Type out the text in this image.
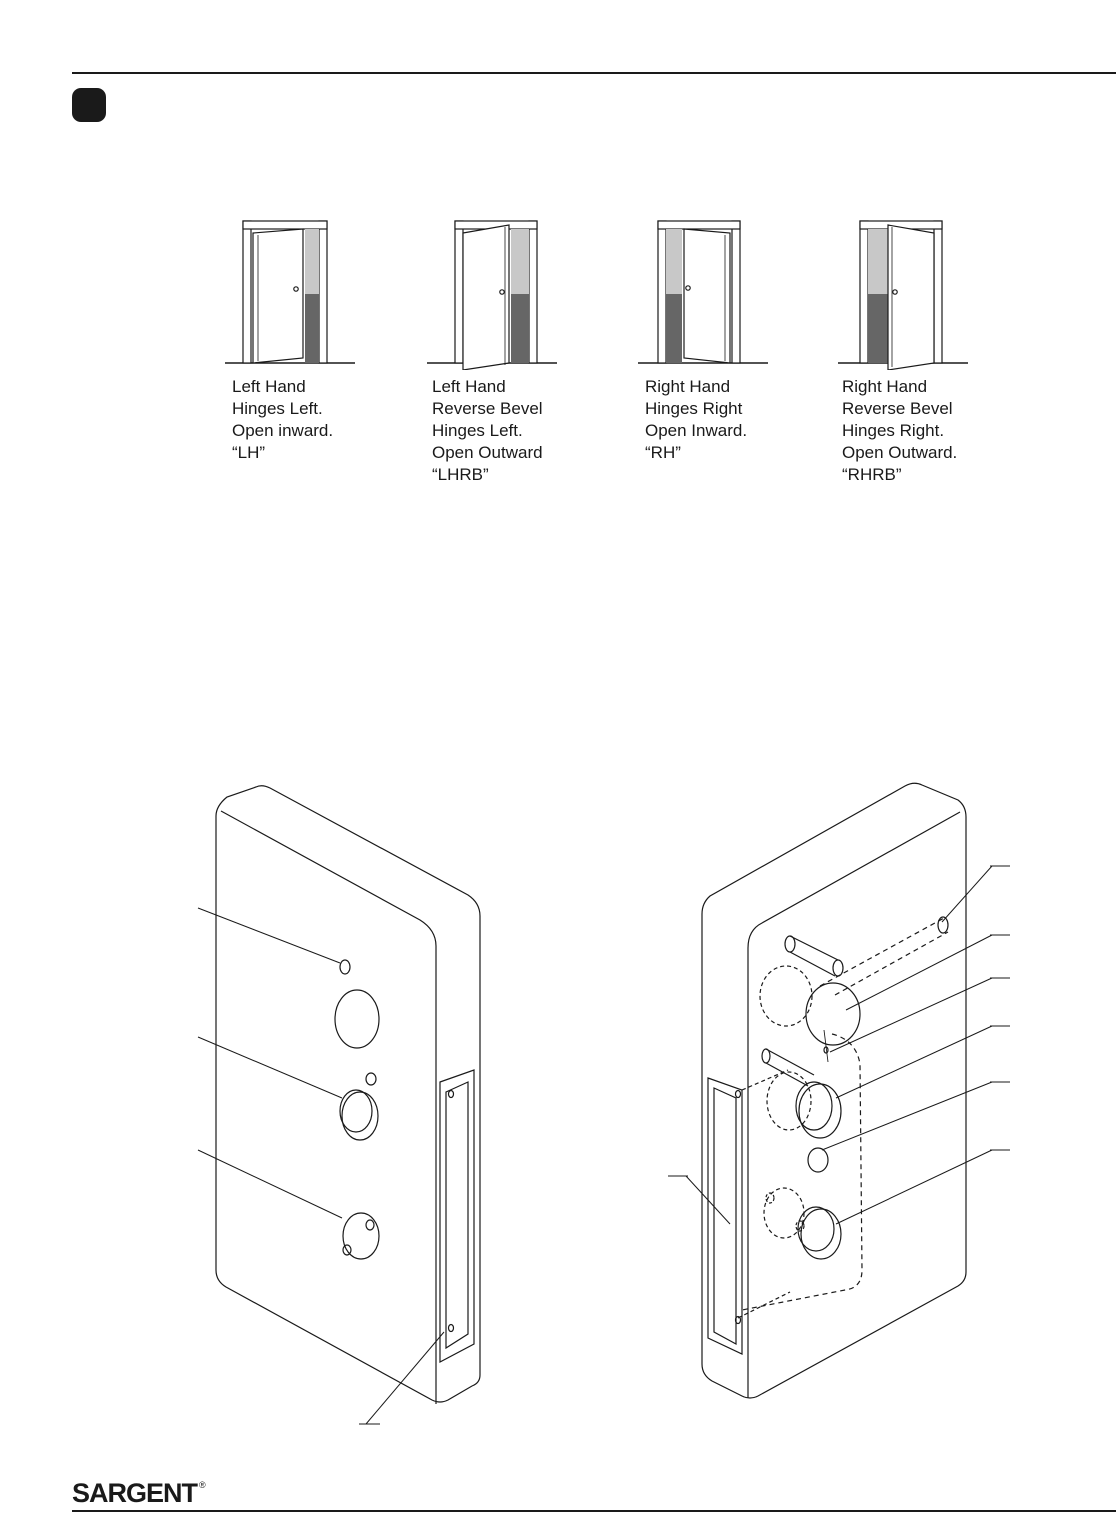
Left Hand
Hinges Left.
Open inward.
“LH”
Left Hand
Reverse Bevel
Hinges Left.
Open Outward
“LHRB”
Right Hand
Hinges Right
Open Inward.
“RH”
Right Hand
Reverse Bevel
Hinges Right.
Open Outward.
“RHRB”
SARGENT ®
